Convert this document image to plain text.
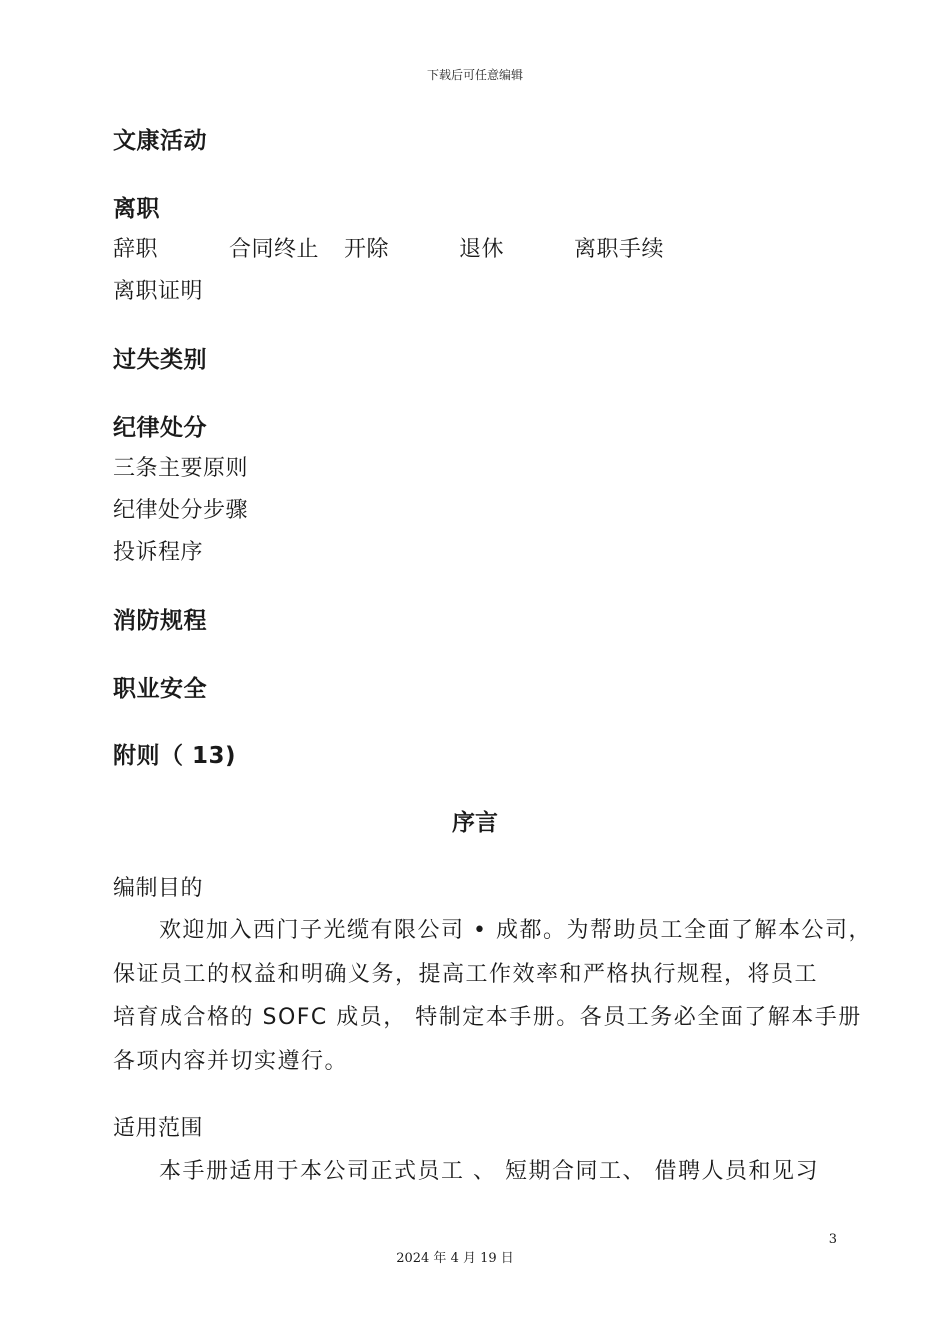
下载后可任意编辑
文康活动
离职
辞职	合同终止 开除	退休	离职手续
离职证明
过失类别
纪律处分
三条主要原则
纪律处分步骤
投诉程序
消防规程
职业安全
附则（ 13)
序言
编制目的
欢迎加入西门子光缆有限公司 • 成都。为帮助员工全面了解本公司，
保证员工的权益和明确义务，提高工作效率和严格执行规程，将员工
培育成合格的 SOFC 成员， 特制定本手册。各员工务必全面了解本手册
各项内容并切实遵行。
适用范围
本手册适用于本公司正式员工 、 短期合同工、 借聘人员和见习
3
2024 年 4 月 19 日
